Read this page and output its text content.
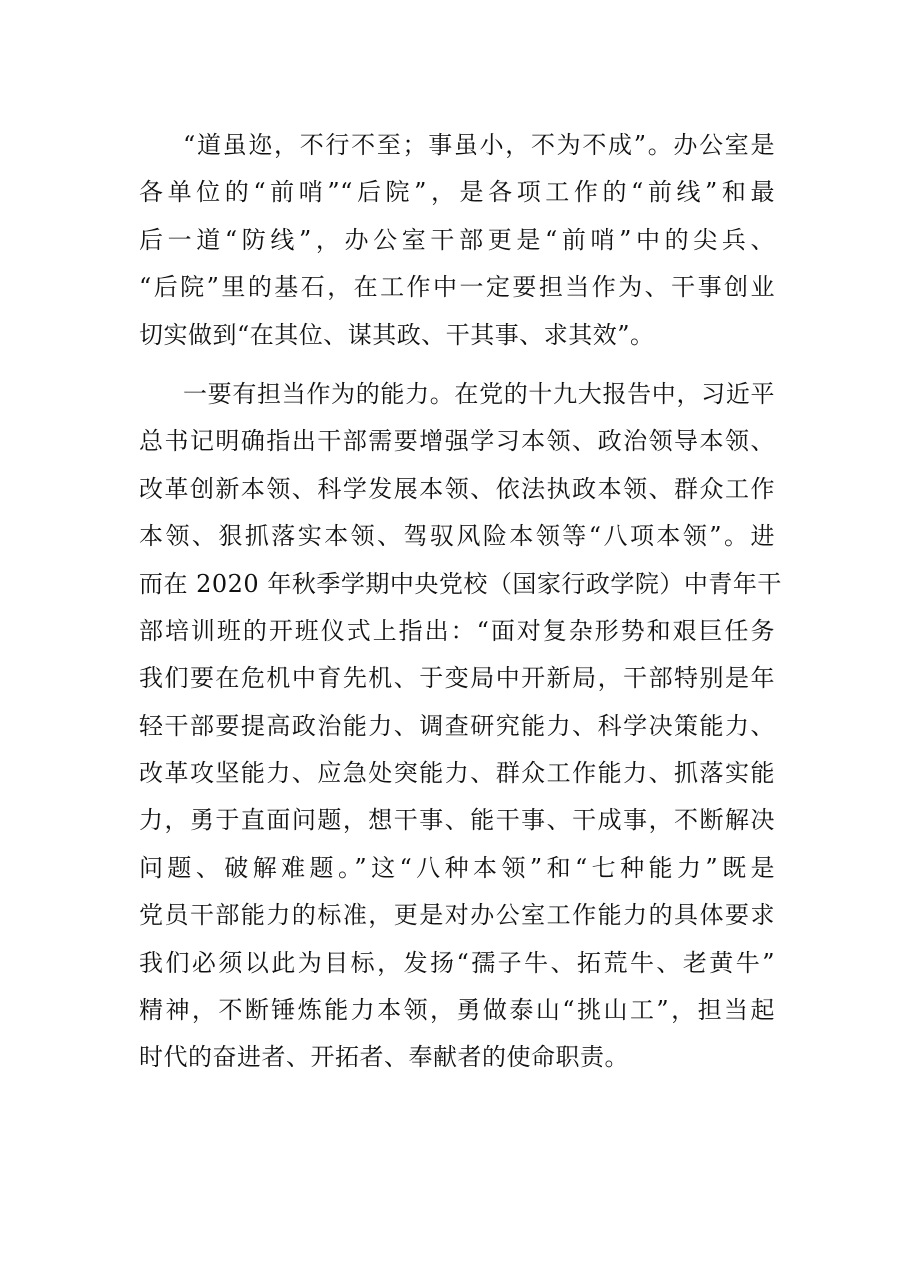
“道虽迩，不行不至；事虽小，不为不成”。办公室是
各单位的“前哨”“后院”，是各项工作的“前线”和最
后一道“防线”，办公室干部更是“前哨”中的尖兵、
“后院”里的基石，在工作中一定要担当作为、干事创业
切实做到“在其位、谋其政、干其事、求其效”。
一要有担当作为的能力。在党的十九大报告中，习近平
总书记明确指出干部需要增强学习本领、政治领导本领、
改革创新本领、科学发展本领、依法执政本领、群众工作
本领、狠抓落实本领、驾驭风险本领等“八项本领”。进
而在 2020 年秋季学期中央党校（国家行政学院）中青年干
部培训班的开班仪式上指出：“面对复杂形势和艰巨任务
我们要在危机中育先机、于变局中开新局，干部特别是年
轻干部要提高政治能力、调查研究能力、科学决策能力、
改革攻坚能力、应急处突能力、群众工作能力、抓落实能
力，勇于直面问题，想干事、能干事、干成事，不断解决
问题、破解难题。”这“八种本领”和“七种能力”既是
党员干部能力的标准，更是对办公室工作能力的具体要求
我们必须以此为目标，发扬“孺子牛、拓荒牛、老黄牛”
精神，不断锤炼能力本领，勇做泰山“挑山工”，担当起
时代的奋进者、开拓者、奉献者的使命职责。
